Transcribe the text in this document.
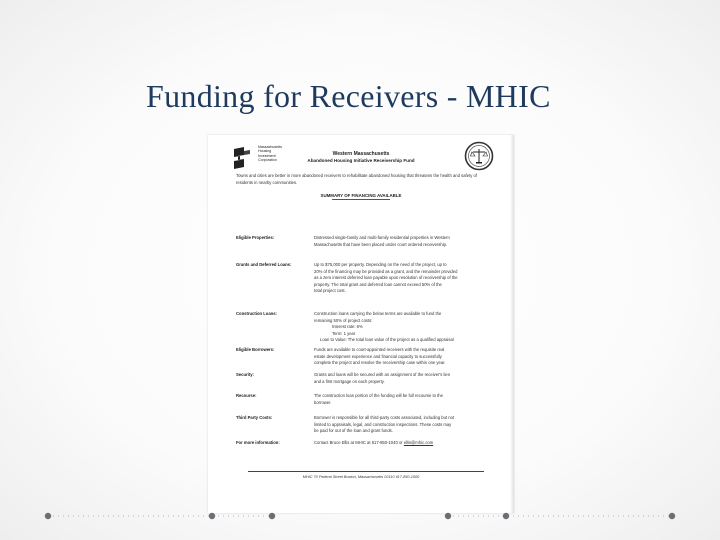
Funding for Receivers - MHIC
Massachusetts
Housing
Investment
Corporation
Western Massachusetts
Abandoned Housing Initiative Receivership Fund
Towns and cities are better in more abandoned receivers to rehabilitate abandoned housing that threatens the health and safety of residents in nearby communities.
SUMMARY OF FINANCING AVAILABLE
Eligible Properties:	Distressed single-family and multi-family residential properties in Western
Massachusetts that have been placed under court ordered receivership.
Grants and Deferred Loans:	Up to $75,000 per property. Depending on the need of the project, up to
20% of the financing may be provided as a grant, and the remainder provided
as a zero interest deferred loan payable upon resolution of receivership of the
property. The total grant and deferred loan cannot exceed 50% of the
total project cost.
Construction Loans:	Construction loans carrying the below terms are available to fund the
remaining 50% of project costs:
Interest rate: 6%
Term: 1 year
Loan to Value: The total loan value of the project as a qualified appraisal
Eligible Borrowers:	Funds are available to court-appointed receivers with the requisite real
estate development experience and financial capacity to successfully
complete the project and resolve the receivership case within one year.
Security:	Grants and loans will be secured with an assignment of the receiver's lien
and a first mortgage on each property.
Recourse:	The construction loan portion of the funding will be full recourse to the
borrower.
Third Party Costs:	Borrower is responsible for all third-party costs associated, including but not
limited to appraisals, legal, and construction inspections. These costs may
be paid for out of the loan and grant funds.
For more information:	Contact Bruce Ellis at MHIC at 617-850-1040 or ellis@mhic.com
MHIC 70 Federal Street Boston, Massachusetts 02110 617-850-1000
